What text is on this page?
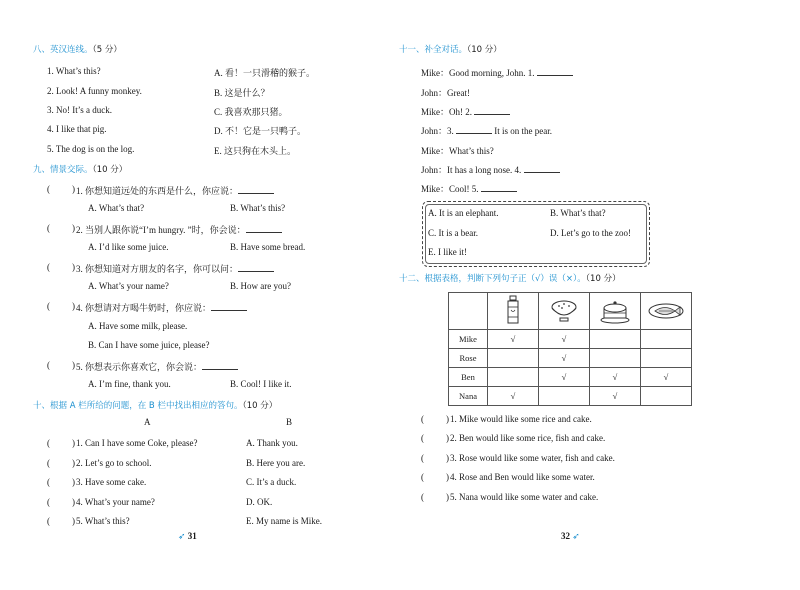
八、英汉连线。（5 分）
1. What’s this?	A. 看！一只滑稽的猴子。
2. Look! A funny monkey.	B. 这是什么？
3. No! It’s a duck.	C. 我喜欢那只猪。
4. I like that pig.	D. 不！它是一只鸭子。
5. The dog is on the log.	E. 这只狗在木头上。
九、情景交际。（10 分）
( ) 1. 你想知道远处的东西是什么，你应说：
A. What’s that?	B. What’s this?
( ) 2. 当别人跟你说“I’m hungry. ”时，你会说：
A. I’d like some juice.	B. Have some bread.
( ) 3. 你想知道对方朋友的名字，你可以问：
A. What’s your name?	B. How are you?
( ) 4. 你想请对方喝牛奶时，你应说：
A. Have some milk, please.
B. Can I have some juice, please?
( ) 5. 你想表示你喜欢它，你会说：
A. I’m fine, thank you.	B. Cool! I like it.
十、根据 A 栏所给的问题，在 B 栏中找出相应的答句。（10 分）
A	B
( ) 1. Can I have some Coke, please?	A. Thank you.
( ) 2. Let’s go to school.	B. Here you are.
( ) 3. Have some cake.	C. It’s a duck.
( ) 4. What’s your name?	D. OK.
( ) 5. What’s this?	E. My name is Mike.
➶ 31
十一、补全对话。（10 分）
Mike：Good morning, John. 1.
John：Great!
Mike：Oh! 2.
John：3.	It is on the pear.
Mike：What’s this?
John：It has a long nose. 4.
Mike：Cool! 5.
A. It is an elephant.	B. What’s that?
C. It is a bear.	D. Let’s go to the zoo!
E. I like it!
十二、根据表格，判断下列句子正（√）误（×）。（10 分）

Mike	√	√		
Rose		√		
Ben		√	√	√
Nana	√		√	
( ) 1. Mike would like some rice and cake.
( ) 2. Ben would like some rice, fish and cake.
( ) 3. Rose would like some water, fish and cake.
( ) 4. Rose and Ben would like some water.
( ) 5. Nana would like some water and cake.
32 ➶
